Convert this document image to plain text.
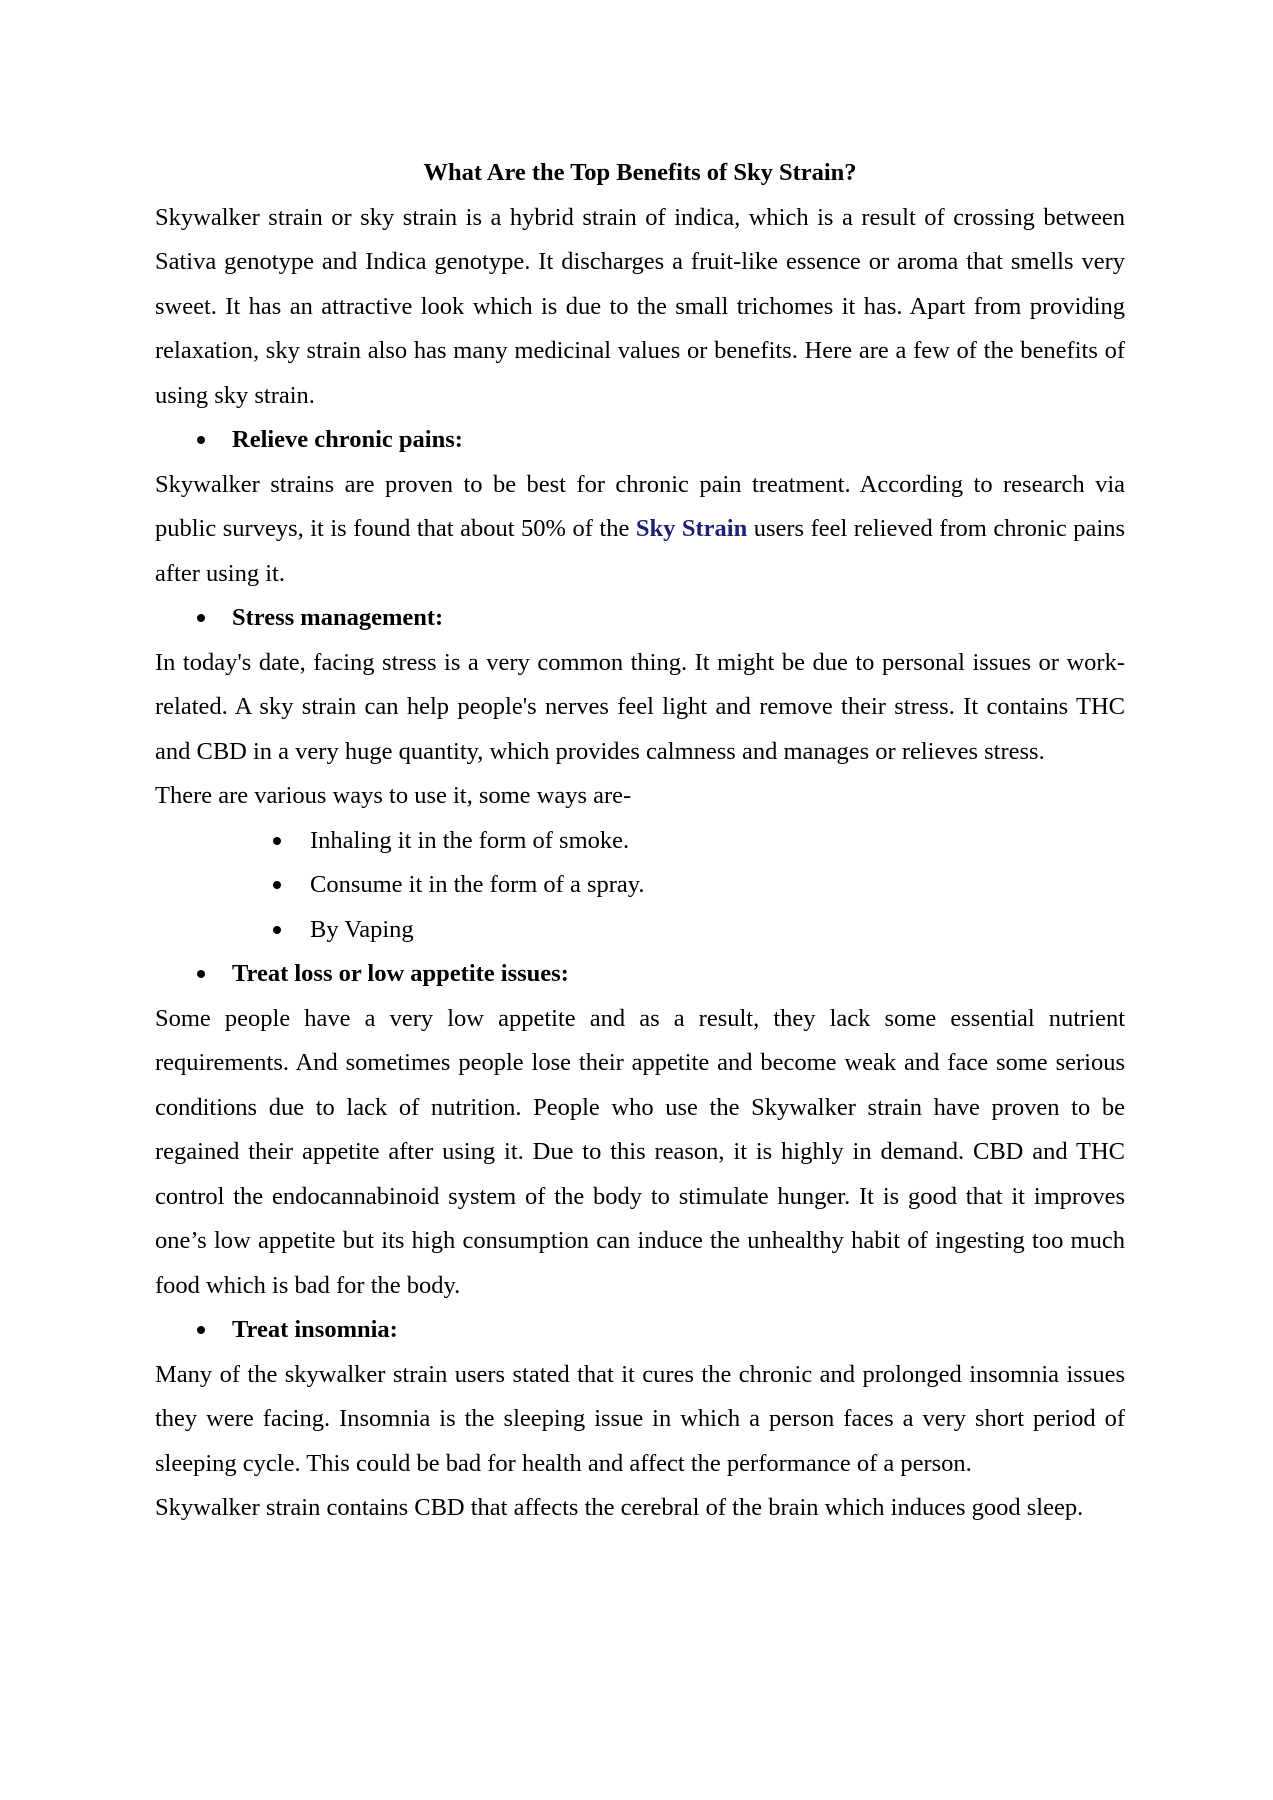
What Are the Top Benefits of Sky Strain?

Skywalker strain or sky strain is a hybrid strain of indica, which is a result of crossing between Sativa genotype and Indica genotype. It discharges a fruit-like essence or aroma that smells very sweet. It has an attractive look which is due to the small trichomes it has. Apart from providing relaxation, sky strain also has many medicinal values or benefits. Here are a few of the benefits of using sky strain.

Relieve chronic pains:

Skywalker strains are proven to be best for chronic pain treatment. According to research via public surveys, it is found that about 50% of the Sky Strain users feel relieved from chronic pains after using it.

Stress management:

In today's date, facing stress is a very common thing. It might be due to personal issues or work-related. A sky strain can help people's nerves feel light and remove their stress. It contains THC and CBD in a very huge quantity, which provides calmness and manages or relieves stress.

There are various ways to use it, some ways are-

Inhaling it in the form of smoke.
Consume it in the form of a spray.
By Vaping
Treat loss or low appetite issues:

Some people have a very low appetite and as a result, they lack some essential nutrient requirements. And sometimes people lose their appetite and become weak and face some serious conditions due to lack of nutrition. People who use the Skywalker strain have proven to be regained their appetite after using it. Due to this reason, it is highly in demand. CBD and THC control the endocannabinoid system of the body to stimulate hunger. It is good that it improves one’s low appetite but its high consumption can induce the unhealthy habit of ingesting too much food which is bad for the body.

Treat insomnia:

Many of the skywalker strain users stated that it cures the chronic and prolonged insomnia issues they were facing. Insomnia is the sleeping issue in which a person faces a very short period of sleeping cycle. This could be bad for health and affect the performance of a person.

Skywalker strain contains CBD that affects the cerebral of the brain which induces good sleep.
